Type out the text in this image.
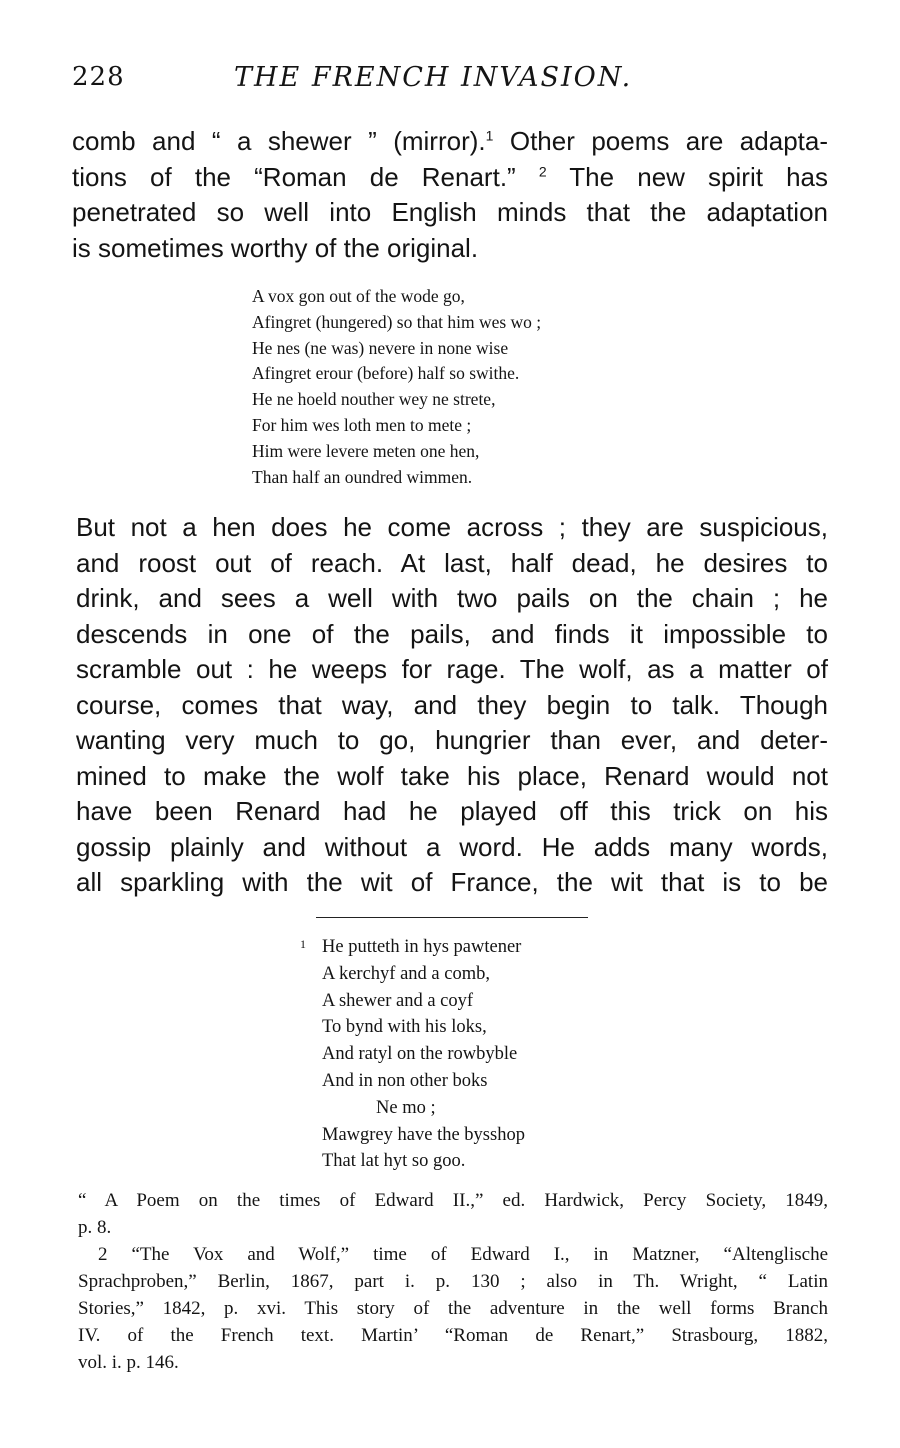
228	THE FRENCH INVASION.
comb and “ a shewer ” (mirror).$^1$ Other poems are adapta-
tions of the “Roman de Renart.” $^2$ The new spirit has
penetrated so well into English minds that the adaptation
is sometimes worthy of the original.
A vox gon out of the wode go,
Afingret (hungered) so that him wes wo ;
He nes (ne was) nevere in none wise
Afingret erour (before) half so swithe.
He ne hoeld nouther wey ne strete,
For him wes loth men to mete ;
Him were levere meten one hen,
Than half an oundred wimmen.
But not a hen does he come across ; they are suspicious,
and roost out of reach. At last, half dead, he desires to
drink, and sees a well with two pails on the chain ; he
descends in one of the pails, and finds it impossible to
scramble out : he weeps for rage. The wolf, as a matter of
course, comes that way, and they begin to talk. Though
wanting very much to go, hungrier than ever, and deter-
mined to make the wolf take his place, Renard would not
have been Renard had he played off this trick on his
gossip plainly and without a word. He adds many words,
all sparkling with the wit of France, the wit that is to be
1 He putteth in hys pawtener
A kerchyf and a comb,
A shewer and a coyf
To bynd with his loks,
And ratyl on the rowbyble
And in non other boks
Ne mo ;
Mawgrey have the bysshop
That lat hyt so goo.
“ A Poem on the times of Edward II.,” ed. Hardwick, Percy Society, 1849,
p. 8.
2 “The Vox and Wolf,” time of Edward I., in Matzner, “Altenglische
Sprachproben,” Berlin, 1867, part i. p. 130 ; also in Th. Wright, “ Latin
Stories,” 1842, p. xvi. This story of the adventure in the well forms Branch
IV. of the French text. Martin’ “Roman de Renart,” Strasbourg, 1882,
vol. i. p. 146.
